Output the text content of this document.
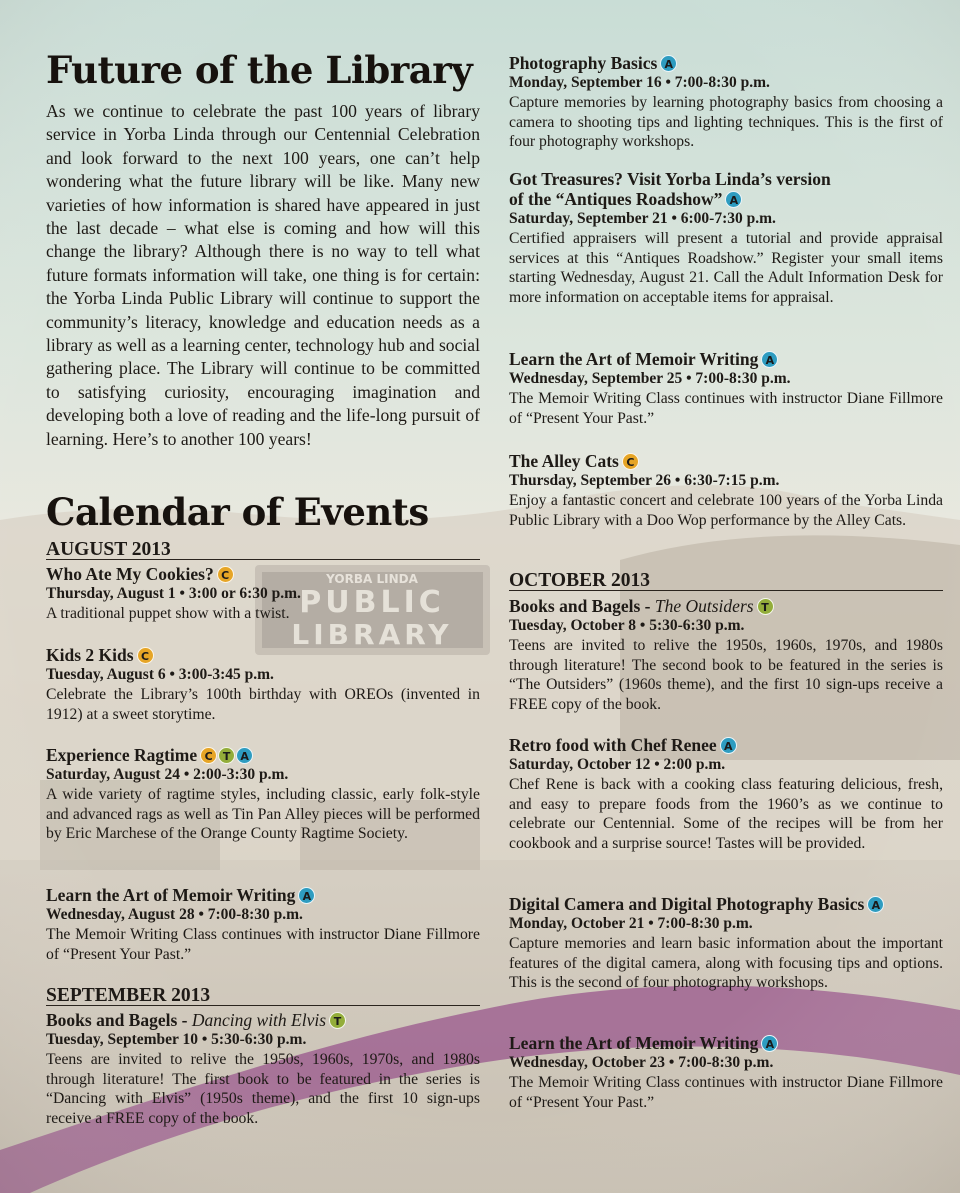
Future of the Library

As we continue to celebrate the past 100 years of library service in Yorba Linda through our Centennial Celebration and look forward to the next 100 years, one can’t help wondering what the future library will be like. Many new varieties of how information is shared have appeared in just the last decade – what else is coming and how will this change the library? Although there is no way to tell what future formats information will take, one thing is for certain: the Yorba Linda Public Library will continue to support the community’s literacy, knowledge and education needs as a library as well as a learning center, technology hub and social gathering place. The Library will continue to be committed to satisfying curiosity, encouraging imagination and developing both a love of reading and the life-long pursuit of learning. Here’s to another 100 years!

Calendar of Events
AUGUST 2013
Who Ate My Cookies? C
Thursday, August 1 • 3:00 or 6:30 p.m.

A traditional puppet show with a twist.

Kids 2 Kids C
Tuesday, August 6 • 3:00-3:45 p.m.

Celebrate the Library’s 100th birthday with OREOs (invented in 1912) at a sweet storytime.

Experience Ragtime C T A
Saturday, August 24 • 2:00-3:30 p.m.

A wide variety of ragtime styles, including classic, early folk-style and advanced rags as well as Tin Pan Alley pieces will be performed by Eric Marchese of the Orange County Ragtime Society.

Learn the Art of Memoir Writing A
Wednesday, August 28 • 7:00-8:30 p.m.

The Memoir Writing Class continues with instructor Diane Fillmore of “Present Your Past.”

SEPTEMBER 2013
Books and Bagels - Dancing with Elvis T
Tuesday, September 10 • 5:30-6:30 p.m.

Teens are invited to relive the 1950s, 1960s, 1970s, and 1980s through literature! The first book to be featured in the series is “Dancing with Elvis” (1950s theme), and the first 10 sign-ups receive a FREE copy of the book.

Photography Basics A
Monday, September 16 • 7:00-8:30 p.m.

Capture memories by learning photography basics from choosing a camera to shooting tips and lighting techniques. This is the first of four photography workshops.

Got Treasures? Visit Yorba Linda’s version
of the “Antiques Roadshow” A
Saturday, September 21 • 6:00-7:30 p.m.

Certified appraisers will present a tutorial and provide appraisal services at this “Antiques Roadshow.” Register your small items starting Wednesday, August 21. Call the Adult Information Desk for more information on acceptable items for appraisal.

Learn the Art of Memoir Writing A
Wednesday, September 25 • 7:00-8:30 p.m.

The Memoir Writing Class continues with instructor Diane Fillmore of “Present Your Past.”

The Alley Cats C
Thursday, September 26 • 6:30-7:15 p.m.

Enjoy a fantastic concert and celebrate 100 years of the Yorba Linda Public Library with a Doo Wop performance by the Alley Cats.

OCTOBER 2013
Books and Bagels - The Outsiders T
Tuesday, October 8 • 5:30-6:30 p.m.

Teens are invited to relive the 1950s, 1960s, 1970s, and 1980s through literature! The second book to be featured in the series is “The Outsiders” (1960s theme), and the first 10 sign-ups receive a FREE copy of the book.

Retro food with Chef Renee A
Saturday, October 12 • 2:00 p.m.

Chef Rene is back with a cooking class featuring delicious, fresh, and easy to prepare foods from the 1960’s as we continue to celebrate our Centennial. Some of the recipes will be from her cookbook and a surprise source! Tastes will be provided.

Digital Camera and Digital Photography Basics A
Monday, October 21 • 7:00-8:30 p.m.

Capture memories and learn basic information about the important features of the digital camera, along with focusing tips and options. This is the second of four photography workshops.

Learn the Art of Memoir Writing A
Wednesday, October 23 • 7:00-8:30 p.m.

The Memoir Writing Class continues with instructor Diane Fillmore of “Present Your Past.”
